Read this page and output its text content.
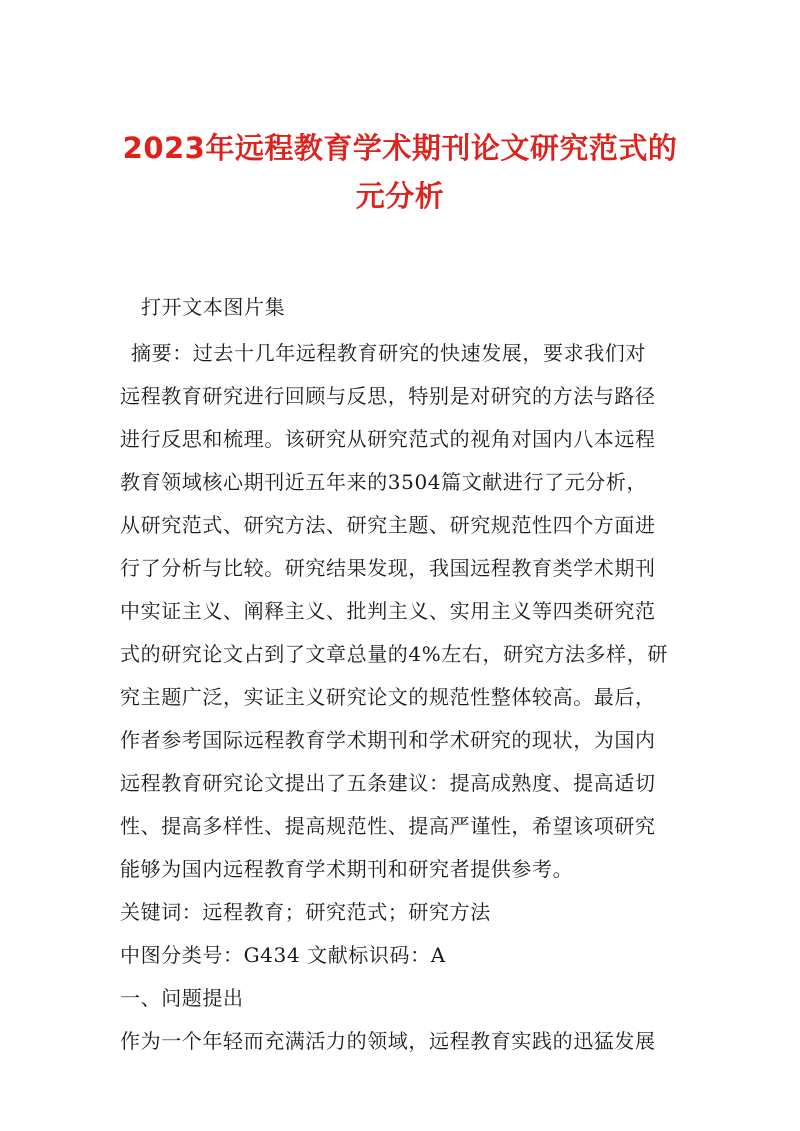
2023年远程教育学术期刊论文研究范式的
元分析
打开文本图片集
摘要：过去十几年远程教育研究的快速发展，要求我们对
远程教育研究进行回顾与反思，特别是对研究的方法与路径
进行反思和梳理。该研究从研究范式的视角对国内八本远程
教育领域核心期刊近五年来的3504篇文献进行了元分析，
从研究范式、研究方法、研究主题、研究规范性四个方面进
行了分析与比较。研究结果发现，我国远程教育类学术期刊
中实证主义、阐释主义、批判主义、实用主义等四类研究范
式的研究论文占到了文章总量的4%左右，研究方法多样，研
究主题广泛，实证主义研究论文的规范性整体较高。最后，
作者参考国际远程教育学术期刊和学术研究的现状，为国内
远程教育研究论文提出了五条建议：提高成熟度、提高适切
性、提高多样性、提高规范性、提高严谨性，希望该项研究
能够为国内远程教育学术期刊和研究者提供参考。
关键词：远程教育；研究范式；研究方法
中图分类号：G434 文献标识码：A
一、问题提出
作为一个年轻而充满活力的领域，远程教育实践的迅猛发展
